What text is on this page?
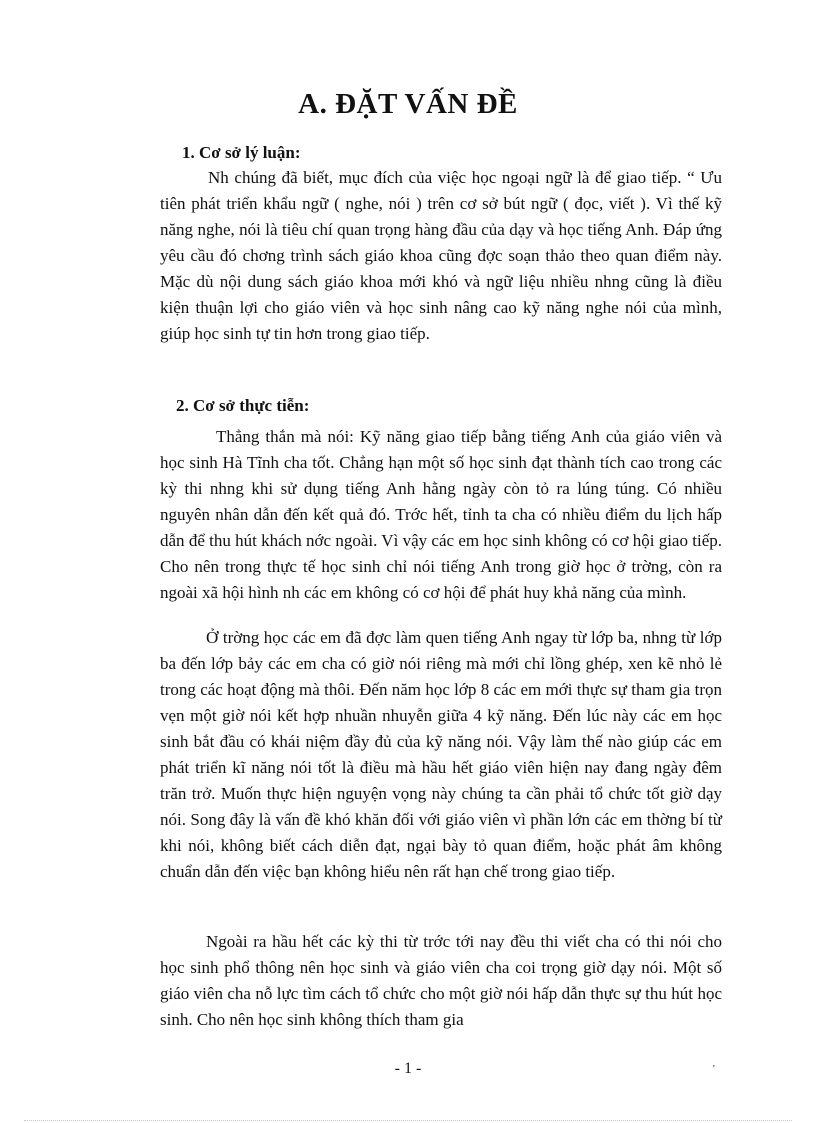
A. ĐẶT VẤN ĐỀ
1. Cơ sở lý luận:

Nh chúng đã biết, mục đích của việc học ngoại ngữ là để giao tiếp. “ Ưu tiên phát triển khẩu ngữ ( nghe, nói ) trên cơ sở bút ngữ ( đọc, viết ). Vì thế kỹ năng nghe, nói là tiêu chí quan trọng hàng đầu của dạy và học tiếng Anh. Đáp ứng yêu cầu đó chơng trình sách giáo khoa cũng đợc soạn thảo theo quan điểm này. Mặc dù nội dung sách giáo khoa mới khó và ngữ liệu nhiều nhng cũng là điều kiện thuận lợi cho giáo viên và học sinh nâng cao kỹ năng nghe nói của mình, giúp học sinh tự tin hơn trong giao tiếp.

2. Cơ sở thực tiễn:

Thẳng thắn mà nói: Kỹ năng giao tiếp bằng tiếng Anh của giáo viên và học sinh Hà Tĩnh cha tốt. Chẳng hạn một số học sinh đạt thành tích cao trong các kỳ thi nhng khi sử dụng tiếng Anh hằng ngày còn tỏ ra lúng túng. Có nhiều nguyên nhân dẫn đến kết quả đó. Trớc hết, tỉnh ta cha có nhiều điểm du lịch hấp dẫn để thu hút khách nớc ngoài. Vì vậy các em học sinh không có cơ hội giao tiếp. Cho nên trong thực tế học sinh chỉ nói tiếng Anh trong giờ học ở trờng, còn ra ngoài xã hội hình nh các em không có cơ hội để phát huy khả năng của mình.

Ở trờng học các em đã đợc làm quen tiếng Anh ngay từ lớp ba, nhng từ lớp ba đến lớp bảy các em cha có giờ nói riêng mà mới chỉ lồng ghép, xen kẽ nhỏ lẻ trong các hoạt động mà thôi. Đến năm học lớp 8 các em mới thực sự tham gia trọn vẹn một giờ nói kết hợp nhuần nhuyễn giữa 4 kỹ năng. Đến lúc này các em học sinh bắt đầu có khái niệm đầy đủ của kỹ năng nói. Vậy làm thế nào giúp các em phát triển kĩ năng nói tốt là điều mà hầu hết giáo viên hiện nay đang ngày đêm trăn trở. Muốn thực hiện nguyện vọng này chúng ta cần phải tổ chức tốt giờ dạy nói. Song đây là vấn đề khó khăn đối với giáo viên vì phần lớn các em thờng bí từ khi nói, không biết cách diễn đạt, ngại bày tỏ quan điểm, hoặc phát âm không chuẩn dẫn đến việc bạn không hiểu nên rất hạn chế trong giao tiếp.

Ngoài ra hầu hết các kỳ thi từ trớc tới nay đều thi viết cha có thi nói cho học sinh phổ thông nên học sinh và giáo viên cha coi trọng giờ dạy nói. Một số giáo viên cha nỗ lực tìm cách tổ chức cho một giờ nói hấp dẫn thực sự thu hút học sinh. Cho nên học sinh không thích tham gia

- 1 -	'
